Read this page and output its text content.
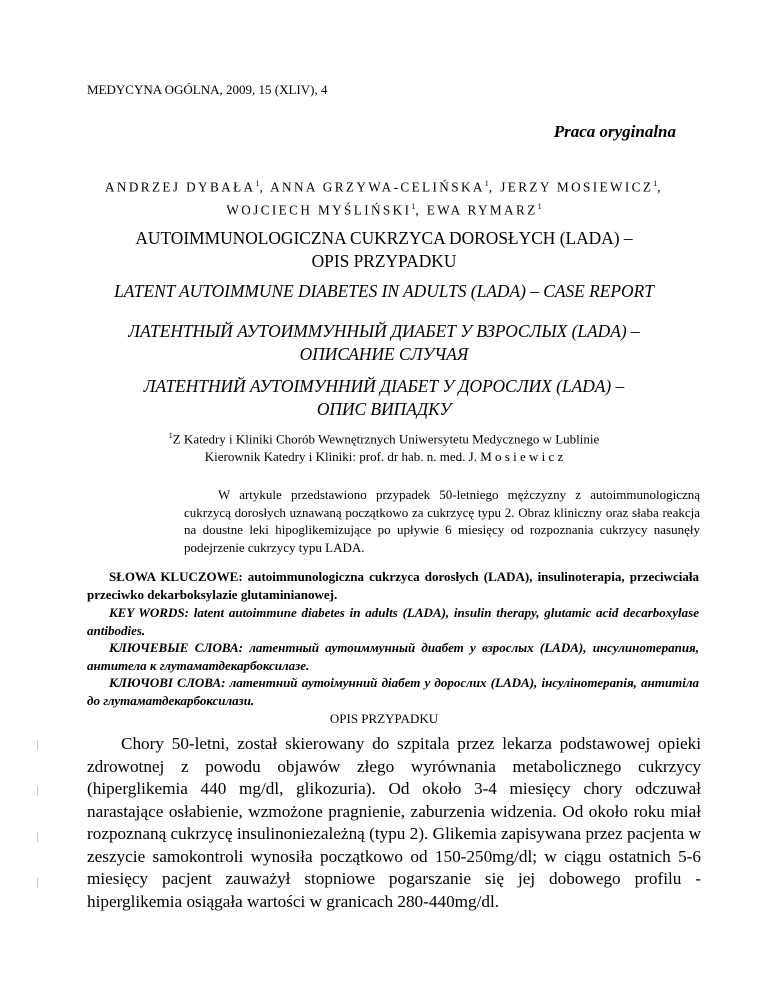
MEDYCYNA OGÓLNA, 2009, 15 (XLIV), 4
Praca oryginalna
ANDRZEJ DYBAŁA$^1$, ANNA GRZYWA-CELIŃSKA$^1$, JERZY MOSIEWICZ$^1$,
WOJCIECH MYŚLIŃSKI$^1$, EWA RYMARZ$^1$
AUTOIMMUNOLOGICZNA CUKRZYCA DOROSŁYCH (LADA) –
OPIS PRZYPADKU
LATENT AUTOIMMUNE DIABETES IN ADULTS (LADA) – CASE REPORT
ЛАТЕНТНЫЙ АУТОИММУННЫЙ ДИАБЕТ У ВЗРОСЛЫХ (LADA) –
ОПИСАНИЕ СЛУЧАЯ
ЛАТЕНТНИЙ АУТОІМУННИЙ ДІАБЕТ У ДОРОСЛИХ (LADA) –
ОПИС ВИПАДКУ
$^1$Z Katedry i Kliniki Chorób Wewnętrznych Uniwersytetu Medycznego w Lublinie
Kierownik Katedry i Kliniki: prof. dr hab. n. med. J. M o s i e w i c z
W artykule przedstawiono przypadek 50-letniego mężczyzny z autoimmunologiczną cukrzycą dorosłych uznawaną początkowo za cukrzycę typu 2. Obraz kliniczny oraz słaba reakcja na doustne leki hipoglikemizujące po upływie 6 miesięcy od rozpoznania cukrzycy nasunęły podejrzenie cukrzycy typu LADA.
SŁOWA KLUCZOWE: autoimmunologiczna cukrzyca dorosłych (LADA), insulinoterapia, przeciwciała przeciwko dekarboksylazie glutaminianowej.
KEY WORDS: latent autoimmune diabetes in adults (LADA), insulin therapy, glutamic acid decarboxylase antibodies.
КЛЮЧЕВЫЕ СЛОВА: латентный аутоиммунный диабет у взрослых (LADA), инсулинотерапия, антитела к глутаматдекарбоксилазе.
КЛЮЧОВІ СЛОВА: латентний аутоімунний діабет у дорослих (LADA), інсулінотерапія, антитіла до глутаматдекарбоксилази.
OPIS PRZYPADKU
Chory 50-letni, został skierowany do szpitala przez lekarza podstawowej opieki zdrowotnej z powodu objawów złego wyrównania metabolicznego cukrzycy (hiperglikemia 440 mg/dl, glikozuria). Od około 3-4 miesięcy chory odczuwał narastające osłabienie, wzmożone pragnienie, zaburzenia widzenia. Od około roku miał rozpoznaną cukrzycę insulinoniezależną (typu 2). Glikemia zapisywana przez pacjenta w zeszycie samokontroli wynosiła początkowo od 150-250mg/dl; w ciągu ostatnich 5-6 miesięcy pacjent zauważył stopniowe pogarszanie się jej dobowego profilu - hiperglikemia osiągała wartości w granicach 280-440mg/dl.
